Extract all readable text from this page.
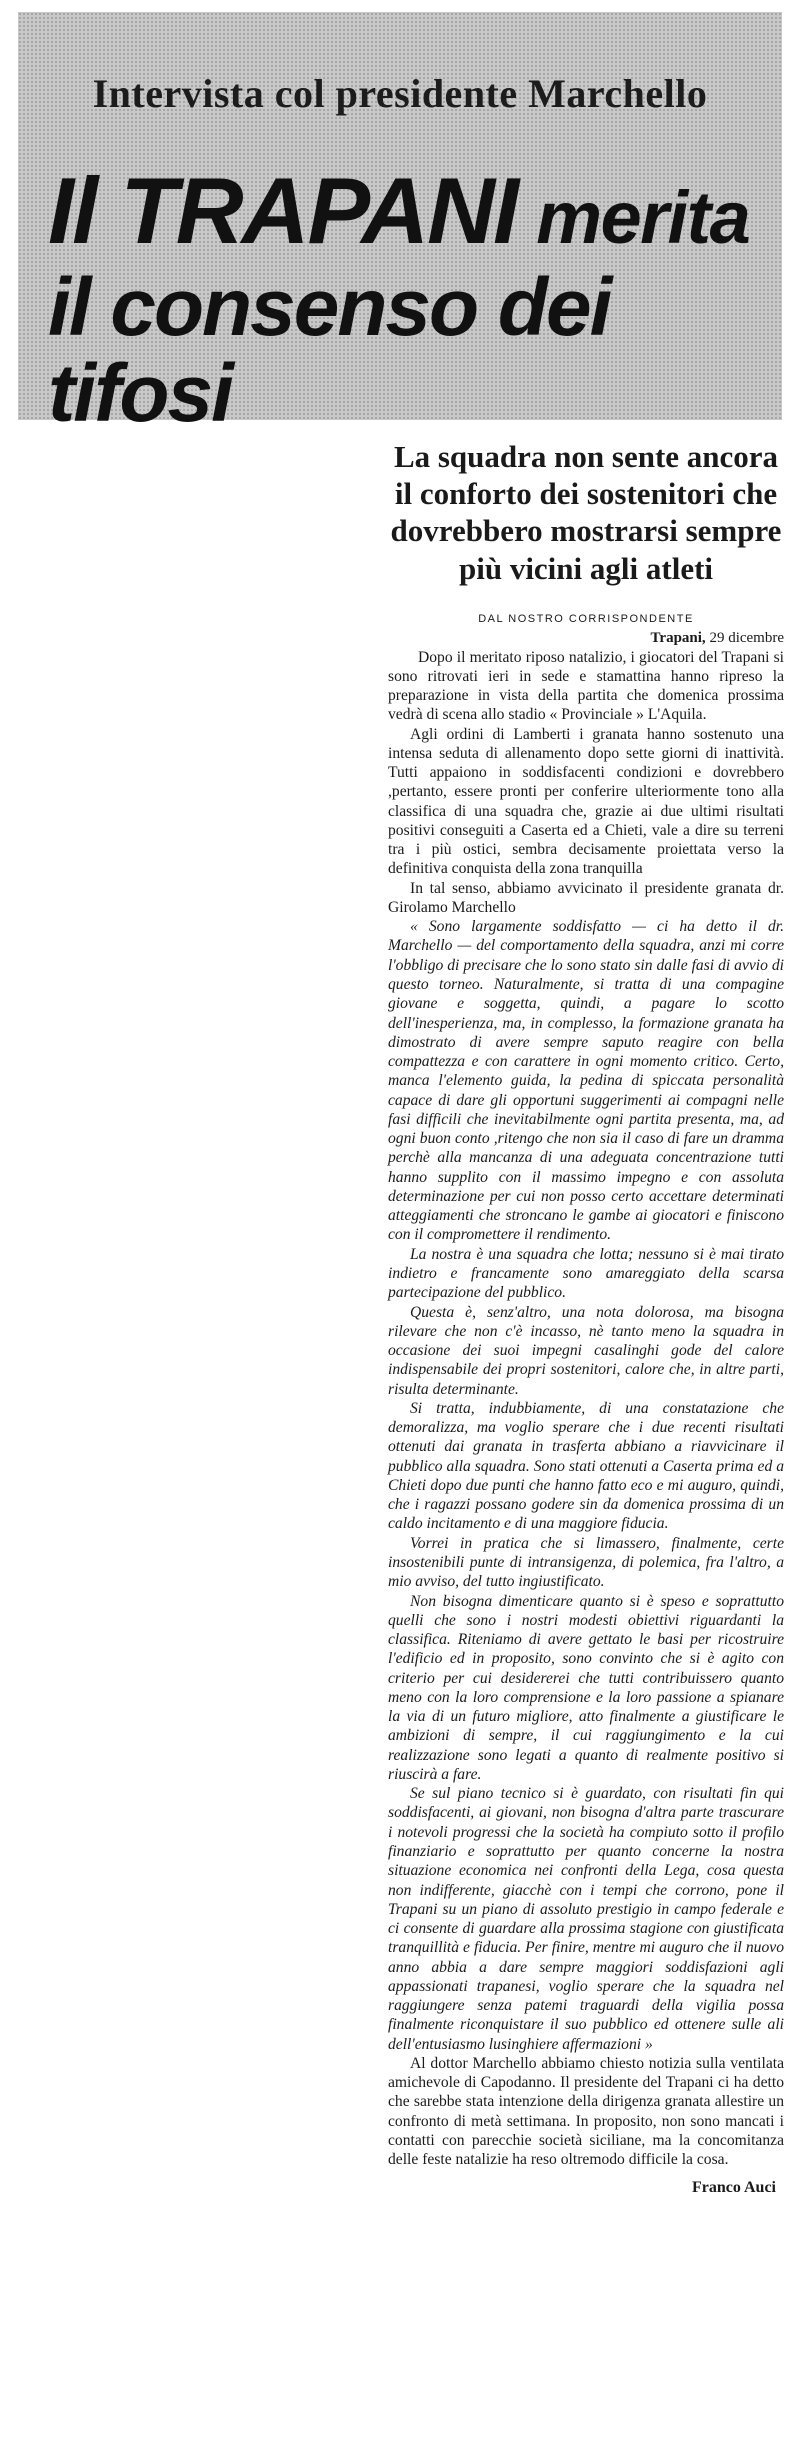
Intervista col presidente Marchello
Il TRAPANI merita
il consenso dei tifosi
La squadra non sente ancora il conforto dei sostenitori che dovrebbero mostrarsi sempre più vicini agli atleti
DAL NOSTRO CORRISPONDENTE
Trapani, 29 dicembre

Dopo il meritato riposo natalizio, i giocatori del Trapani si sono ritrovati ieri in sede e stamattina hanno ripreso la preparazione in vista della partita che domenica prossima vedrà di scena allo stadio « Provinciale » L'Aquila.

Agli ordini di Lamberti i granata hanno sostenuto una intensa seduta di allenamento dopo sette giorni di inattività. Tutti appaiono in soddisfacenti condizioni e dovrebbero ,pertanto, essere pronti per conferire ulteriormente tono alla classifica di una squadra che, grazie ai due ultimi risultati positivi conseguiti a Caserta ed a Chieti, vale a dire su terreni tra i più ostici, sembra decisamente proiettata verso la definitiva conquista della zona tranquilla

In tal senso, abbiamo avvicinato il presidente granata dr. Girolamo Marchello

« Sono largamente soddisfatto — ci ha detto il dr. Marchello — del comportamento della squadra, anzi mi corre l'obbligo di precisare che lo sono stato sin dalle fasi di avvio di questo torneo. Naturalmente, si tratta di una compagine giovane e soggetta, quindi, a pagare lo scotto dell'inesperienza, ma, in complesso, la formazione granata ha dimostrato di avere sempre saputo reagire con bella compattezza e con carattere in ogni momento critico. Certo, manca l'elemento guida, la pedina di spiccata personalità capace di dare gli opportuni suggerimenti ai compagni nelle fasi difficili che inevitabilmente ogni partita presenta, ma, ad ogni buon conto ,ritengo che non sia il caso di fare un dramma perchè alla mancanza di una adeguata concentrazione tutti hanno supplito con il massimo impegno e con assoluta determinazione per cui non posso certo accettare determinati atteggiamenti che stroncano le gambe ai giocatori e finiscono con il compromettere il rendimento.

La nostra è una squadra che lotta; nessuno si è mai tirato indietro e francamente sono amareggiato della scarsa partecipazione del pubblico.

Questa è, senz'altro, una nota dolorosa, ma bisogna rilevare che non c'è incasso, nè tanto meno la squadra in occasione dei suoi impegni casalinghi gode del calore indispensabile dei propri sostenitori, calore che, in altre parti, risulta determinante.

Si tratta, indubbiamente, di una constatazione che demoralizza, ma voglio sperare che i due recenti risultati ottenuti dai granata in trasferta abbiano a riavvicinare il pubblico alla squadra. Sono stati ottenuti a Caserta prima ed a Chieti dopo due punti che hanno fatto eco e mi auguro, quindi, che i ragazzi possano godere sin da domenica prossima di un caldo incitamento e di una maggiore fiducia.

Vorrei in pratica che si limassero, finalmente, certe insostenibili punte di intransigenza, di polemica, fra l'altro, a mio avviso, del tutto ingiustificato.

Non bisogna dimenticare quanto si è speso e soprattutto quelli che sono i nostri modesti obiettivi riguardanti la classifica. Riteniamo di avere gettato le basi per ricostruire l'edificio ed in proposito, sono convinto che si è agito con criterio per cui desidererei che tutti contribuissero quanto meno con la loro comprensione e la loro passione a spianare la via di un futuro migliore, atto finalmente a giustificare le ambizioni di sempre, il cui raggiungimento e la cui realizzazione sono legati a quanto di realmente positivo si riuscirà a fare.

Se sul piano tecnico si è guardato, con risultati fin qui soddisfacenti, ai giovani, non bisogna d'altra parte trascurare i notevoli progressi che la società ha compiuto sotto il profilo finanziario e soprattutto per quanto concerne la nostra situazione economica nei confronti della Lega, cosa questa non indifferente, giacchè con i tempi che corrono, pone il Trapani su un piano di assoluto prestigio in campo federale e ci consente di guardare alla prossima stagione con giustificata tranquillità e fiducia. Per finire, mentre mi auguro che il nuovo anno abbia a dare sempre maggiori soddisfazioni agli appassionati trapanesi, voglio sperare che la squadra nel raggiungere senza patemi traguardi della vigilia possa finalmente riconquistare il suo pubblico ed ottenere sulle ali dell'entusiasmo lusinghiere affermazioni »

Al dottor Marchello abbiamo chiesto notizia sulla ventilata amichevole di Capodanno. Il presidente del Trapani ci ha detto che sarebbe stata intenzione della dirigenza granata allestire un confronto di metà settimana. In proposito, non sono mancati i contatti con parecchie società siciliane, ma la concomitanza delle feste natalizie ha reso oltremodo difficile la cosa.

Franco Auci
